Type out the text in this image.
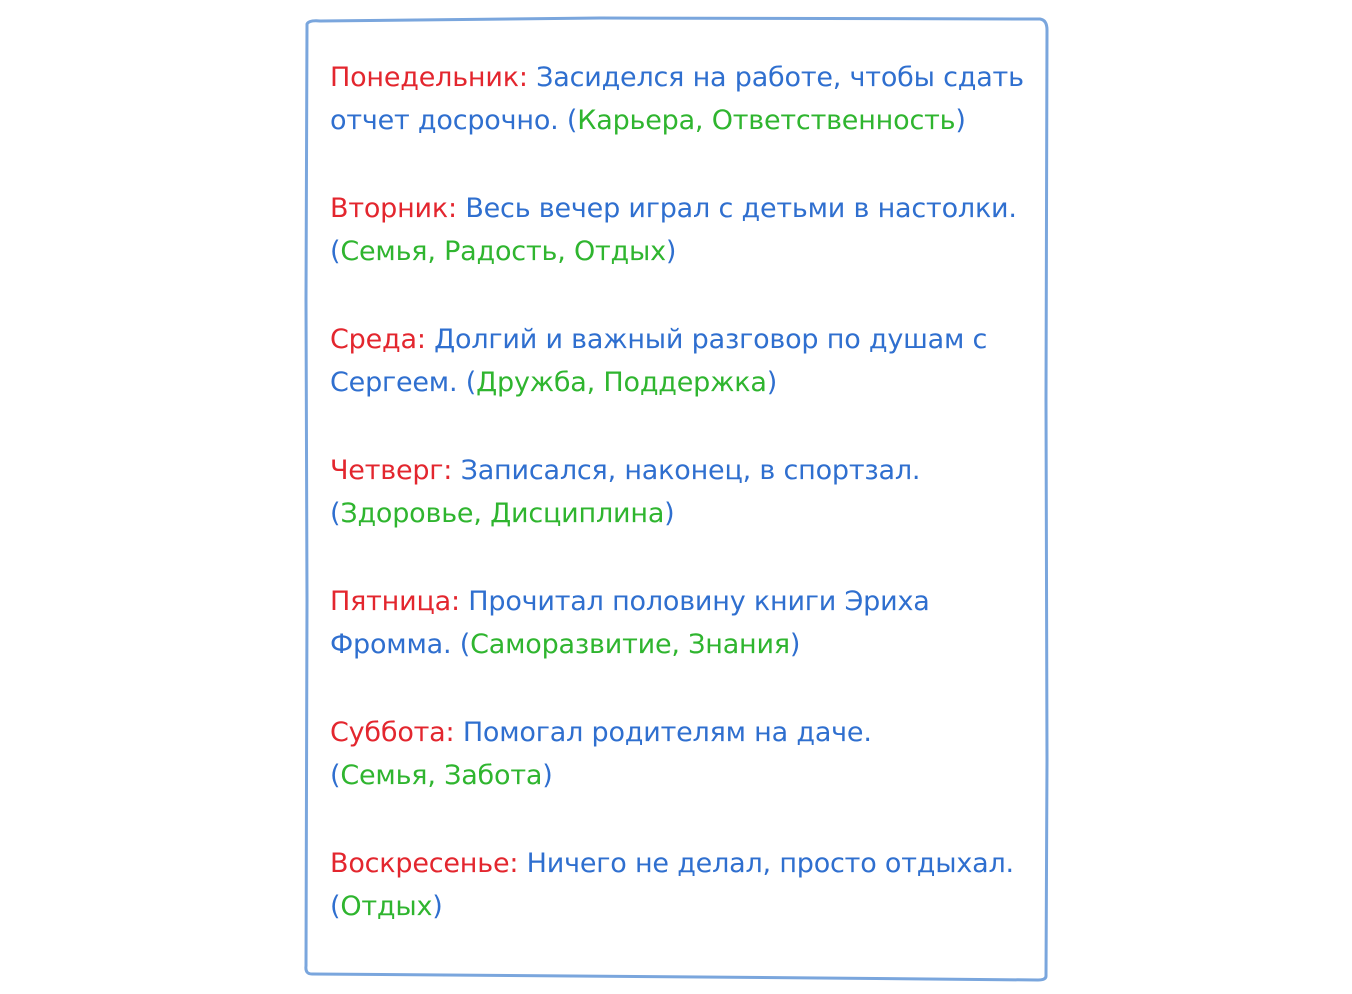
Понедельник: Засиделся на работе, чтобы сдать
отчет досрочно. (Карьера, Ответственность)
Вторник: Весь вечер играл с детьми в настолки.
(Семья, Радость, Отдых)
Среда: Долгий и важный разговор по душам с
Сергеем. (Дружба, Поддержка)
Четверг: Записался, наконец, в спортзал.
(Здоровье, Дисциплина)
Пятница: Прочитал половину книги Эриха
Фромма. (Саморазвитие, Знания)
Суббота: Помогал родителям на даче.
(Семья, Забота)
Воскресенье: Ничего не делал, просто отдыхал.
(Отдых)
